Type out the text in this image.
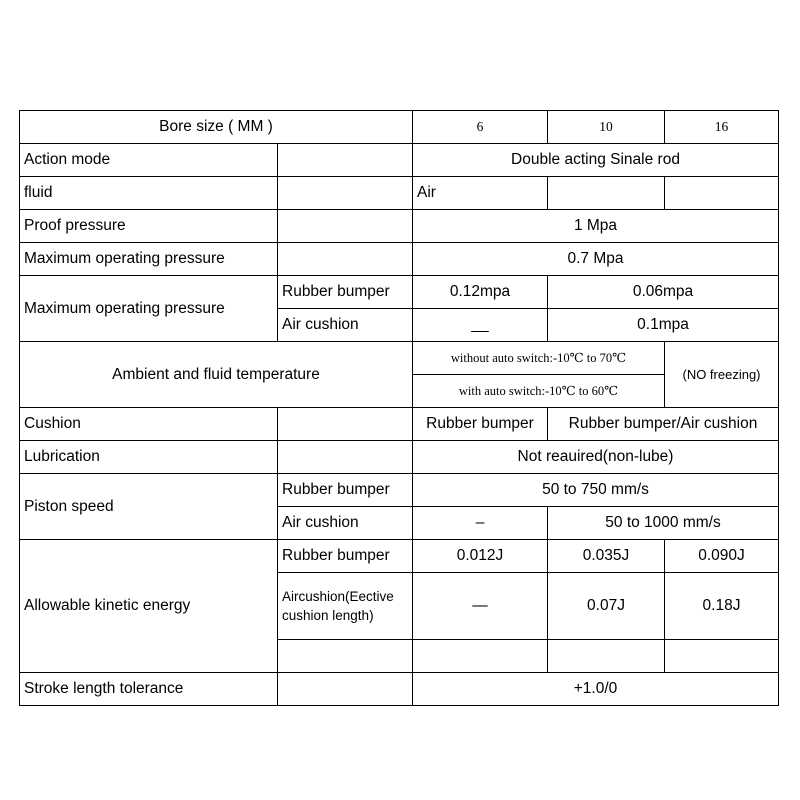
Bore size ( MM )		6	10	16
Action mode		Double acting Sinale rod		
fluid		Air		
Proof pressure		1 Mpa		
Maximum operating pressure		0.7 Mpa		
Maximum operating pressure	Rubber bumper	0.12mpa	0.06mpa	
	Air cushion	__	0.1mpa	
Ambient and fluid temperature		without auto switch:-10℃ to 70℃		(NO freezing)
		with auto switch:-10℃ to 60℃		
Cushion		Rubber bumper	Rubber bumper/Air cushion	
Lubrication		Not reauired(non-lube)		
Piston speed	Rubber bumper	50 to 750 mm/s		
	Air cushion	–	50 to 1000 mm/s	
Allowable kinetic energy	Rubber bumper	0.012J	0.035J	0.090J
	Aircushion(Eective cushion length)	—	0.07J	0.18J

Stroke length tolerance		+1.0/0		
